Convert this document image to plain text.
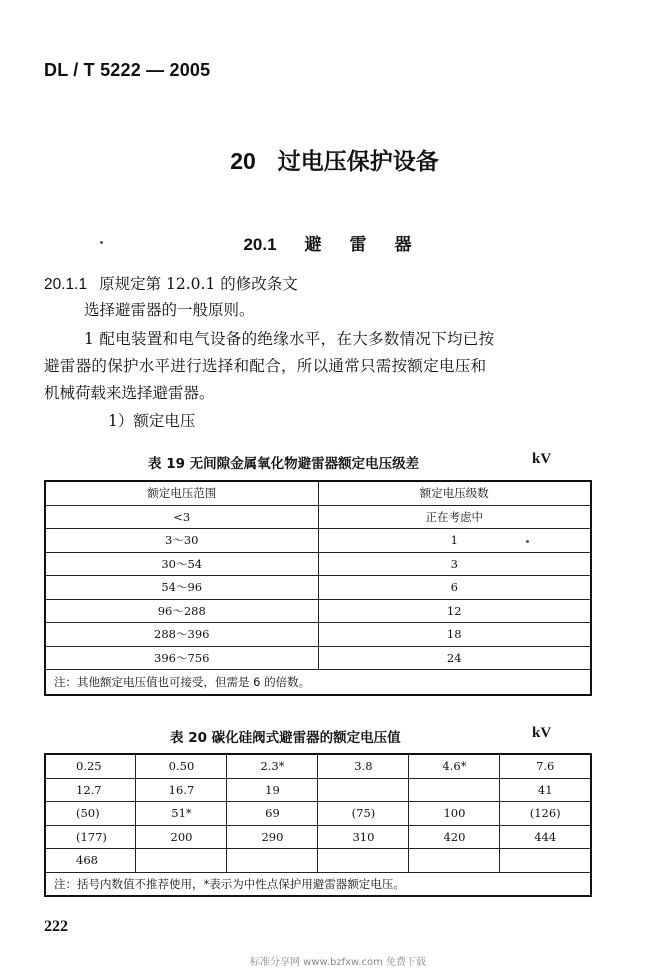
DL / T 5222 — 2005
20 过电压保护设备
20.1 避 雷 器
20.1.1 原规定第 12.0.1 的修改条文
选择避雷器的一般原则。
1 配电装置和电气设备的绝缘水平，在大多数情况下均已按
避雷器的保护水平进行选择和配合，所以通常只需按额定电压和
机械荷载来选择避雷器。
1）额定电压
表 19 无间隙金属氧化物避雷器额定电压级差	kV
额定电压范围	额定电压级数
<3	正在考虑中
3～30	1
30～54	3
54～96	6
96～288	12
288～396	18
396～756	24
注：其他额定电压值也可接受，但需是 6 的倍数。	
表 20 碳化硅阀式避雷器的额定电压值	kV
0.25	0.50	2.3*	3.8	4.6*	7.6
12.7	16.7	19			41
(50)	51*	69	(75)	100	(126)
(177)	200	290	310	420	444
468					
注：括号内数值不推荐使用，*表示为中性点保护用避雷器额定电压。					
222
标准分享网 www.bzfxw.com 免费下载
